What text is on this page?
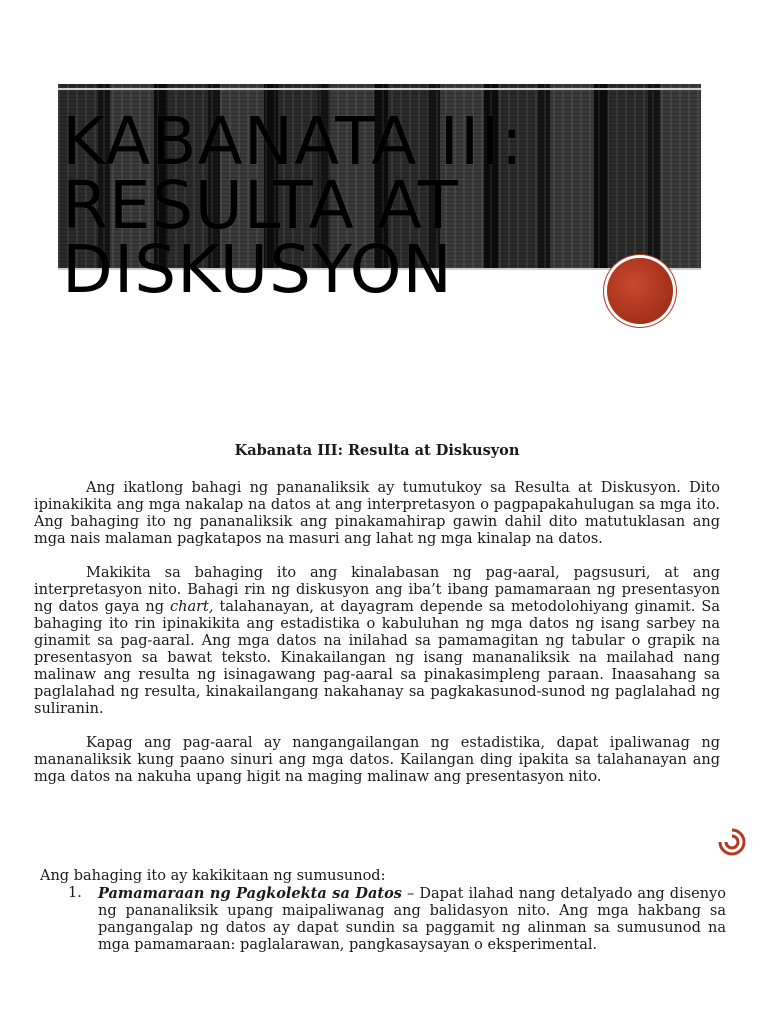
KABANATA III:
RESULTA AT
DISKUSYON

Kabanata III: Resulta at Diskusyon

Ang ikatlong bahagi ng pananaliksik ay tumutukoy sa Resulta at Diskusyon. Dito ipinakikita ang mga nakalap na datos at ang interpretasyon o pagpapakahulugan sa mga ito. Ang bahaging ito ng pananaliksik ang pinakamahirap gawin dahil dito matutuklasan ang mga nais malaman pagkatapos na masuri ang lahat ng mga kinalap na datos.

Makikita sa bahaging ito ang kinalabasan ng pag-aaral, pagsusuri, at ang interpretasyon nito. Bahagi rin ng diskusyon ang iba’t ibang pamamaraan ng presentasyon ng datos gaya ng chart, talahanayan, at dayagram depende sa metodolohiyang ginamit. Sa bahaging ito rin ipinakikita ang estadistika o kabuluhan ng mga datos ng isang sarbey na ginamit sa pag-aaral. Ang mga datos na inilahad sa pamamagitan ng tabular o grapik na presentasyon sa bawat teksto. Kinakailangan ng isang mananaliksik na mailahad nang malinaw ang resulta ng isinagawang pag-aaral sa pinakasimpleng paraan. Inaasahang sa paglalahad ng resulta, kinakailangang nakahanay sa pagkakasunod-sunod ng paglalahad ng suliranin.

Kapag ang pag-aaral ay nangangailangan ng estadistika, dapat ipaliwanag ng mananaliksik kung paano sinuri ang mga datos. Kailangan ding ipakita sa talahanayan ang mga datos na nakuha upang higit na maging malinaw ang presentasyon nito.

Ang bahaging ito ay kakikitaan ng sumusunod:

1.	Pamamaraan ng Pagkolekta sa Datos – Dapat ilahad nang detalyado ang disenyo ng pananaliksik upang maipaliwanag ang balidasyon nito. Ang mga hakbang sa pangangalap ng datos ay dapat sundin sa paggamit ng alinman sa sumusunod na mga pamamaraan: paglalarawan, pangkasaysayan o eksperimental.
